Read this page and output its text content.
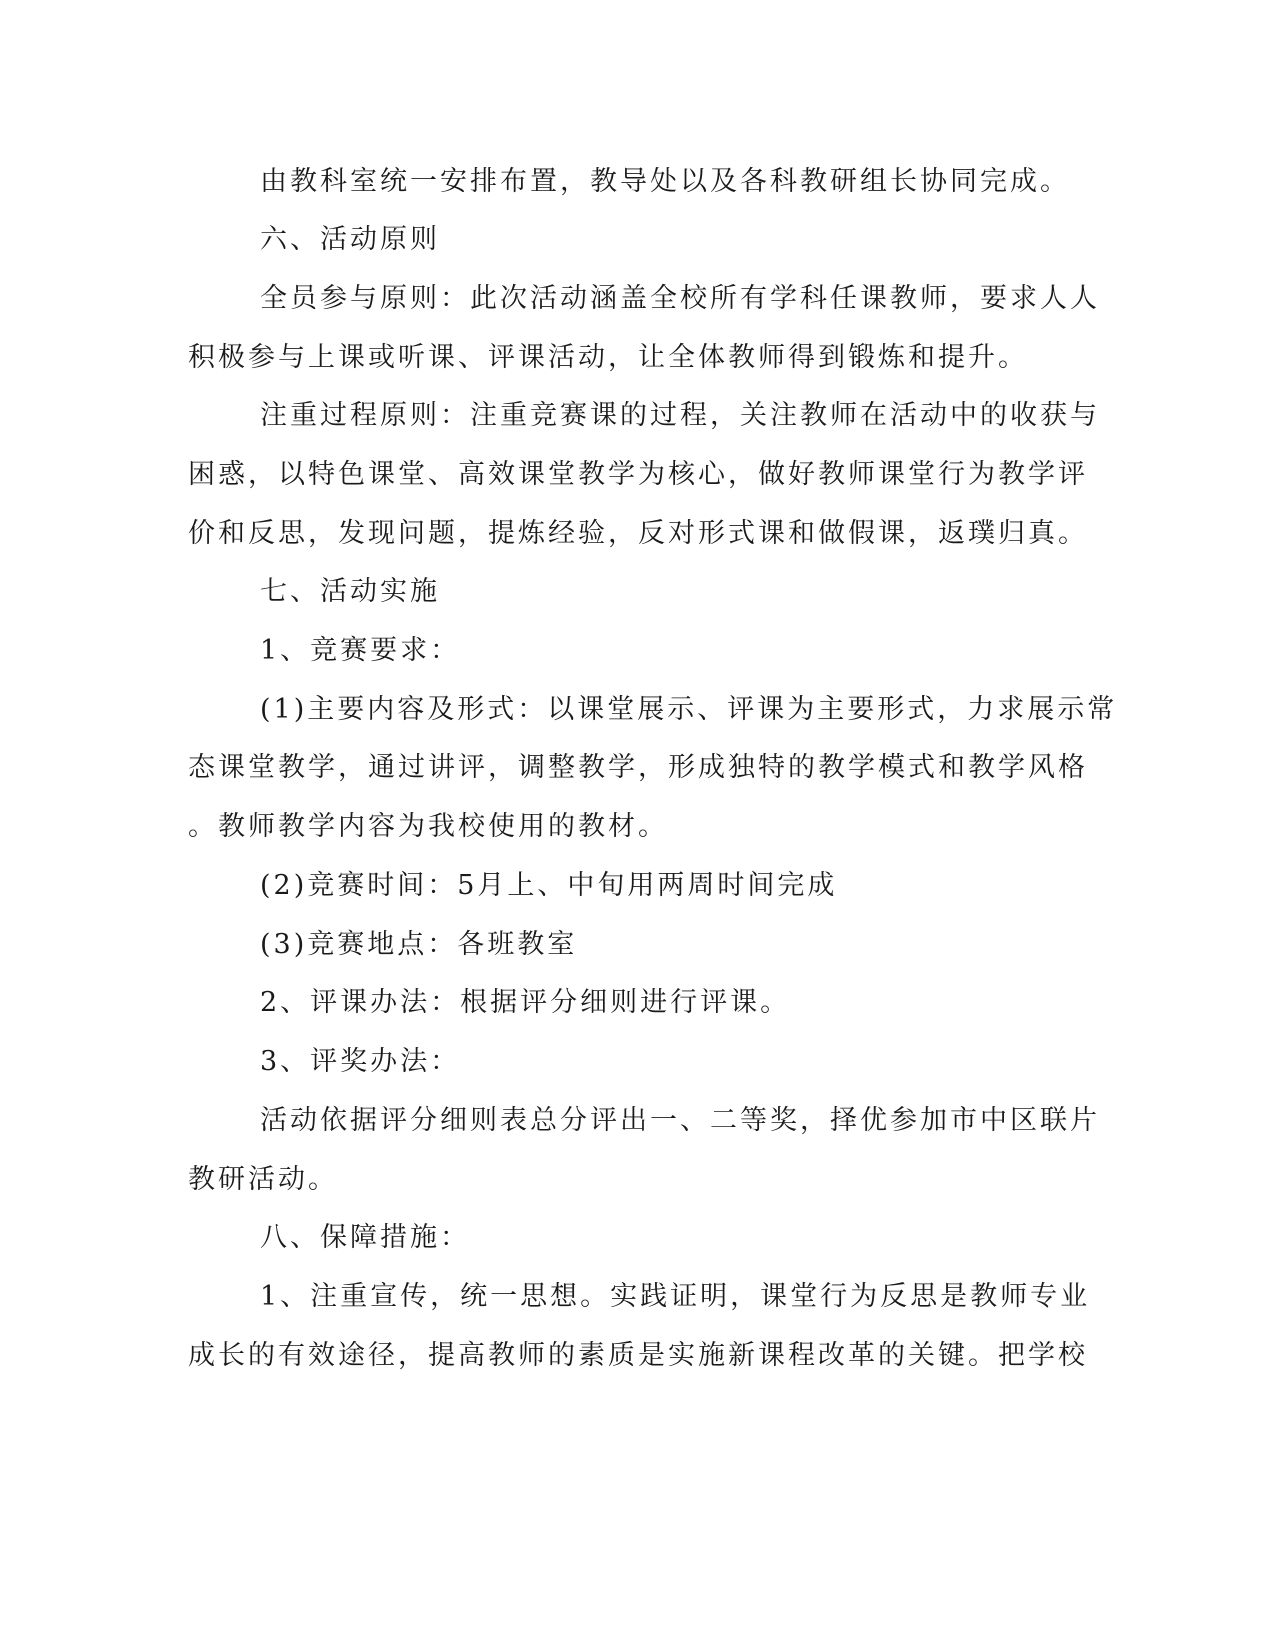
由教科室统一安排布置，教导处以及各科教研组长协同完成。
六、活动原则
全员参与原则：此次活动涵盖全校所有学科任课教师，要求人人
积极参与上课或听课、评课活动，让全体教师得到锻炼和提升。
注重过程原则：注重竞赛课的过程，关注教师在活动中的收获与
困惑，以特色课堂、高效课堂教学为核心，做好教师课堂行为教学评
价和反思，发现问题，提炼经验，反对形式课和做假课，返璞归真。
七、活动实施
1、竞赛要求：
(1)主要内容及形式：以课堂展示、评课为主要形式，力求展示常
态课堂教学，通过讲评，调整教学，形成独特的教学模式和教学风格
。教师教学内容为我校使用的教材。
(2)竞赛时间：5月上、中旬用两周时间完成
(3)竞赛地点：各班教室
2、评课办法：根据评分细则进行评课。
3、评奖办法：
活动依据评分细则表总分评出一、二等奖，择优参加市中区联片
教研活动。
八、保障措施：
1、注重宣传，统一思想。实践证明，课堂行为反思是教师专业
成长的有效途径，提高教师的素质是实施新课程改革的关键。把学校
